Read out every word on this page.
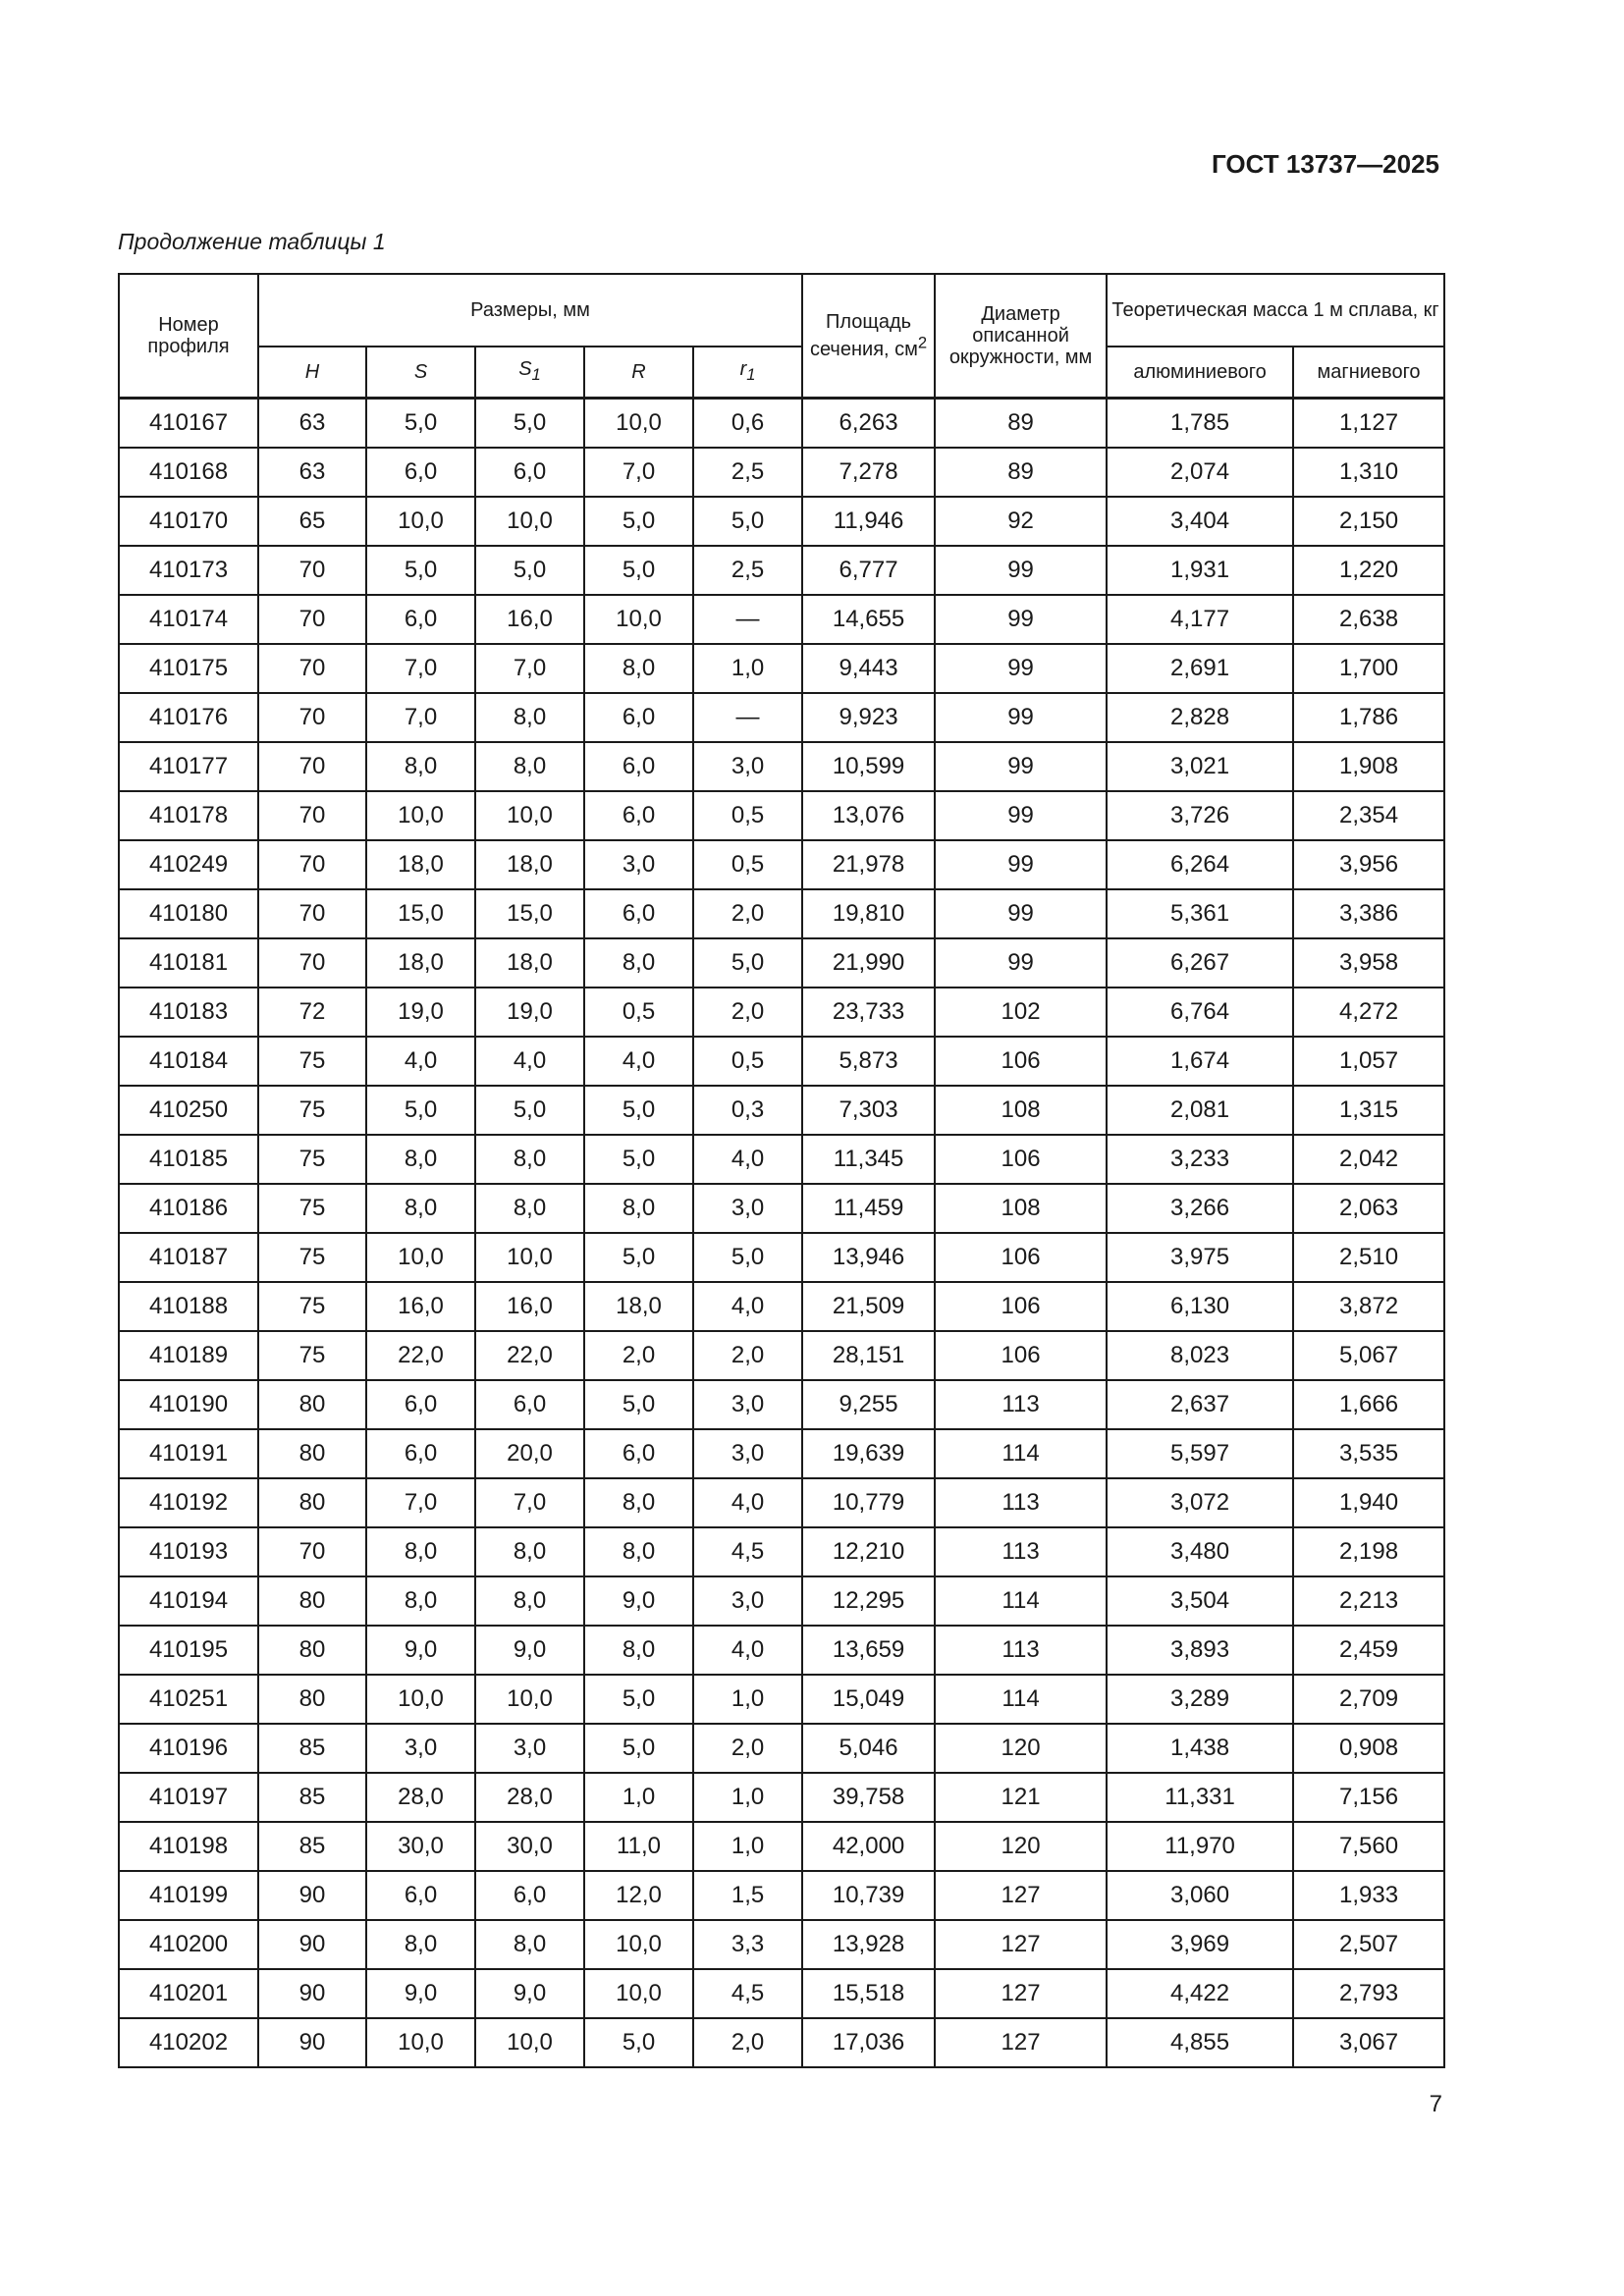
ГОСТ 13737—2025
Продолжение таблицы 1
Номер профиля	Размеры, мм					Площадь сечения, $см^2$	Диаметр описанной окружности, мм	Теоретическая масса 1 м сплава, кг	
	H	S	$S_1$	R	$r_1$			алюминиевого	магниевого
410167	63	5,0	5,0	10,0	0,6	6,263	89	1,785	1,127
410168	63	6,0	6,0	7,0	2,5	7,278	89	2,074	1,310
410170	65	10,0	10,0	5,0	5,0	11,946	92	3,404	2,150
410173	70	5,0	5,0	5,0	2,5	6,777	99	1,931	1,220
410174	70	6,0	16,0	10,0	—	14,655	99	4,177	2,638
410175	70	7,0	7,0	8,0	1,0	9,443	99	2,691	1,700
410176	70	7,0	8,0	6,0	—	9,923	99	2,828	1,786
410177	70	8,0	8,0	6,0	3,0	10,599	99	3,021	1,908
410178	70	10,0	10,0	6,0	0,5	13,076	99	3,726	2,354
410249	70	18,0	18,0	3,0	0,5	21,978	99	6,264	3,956
410180	70	15,0	15,0	6,0	2,0	19,810	99	5,361	3,386
410181	70	18,0	18,0	8,0	5,0	21,990	99	6,267	3,958
410183	72	19,0	19,0	0,5	2,0	23,733	102	6,764	4,272
410184	75	4,0	4,0	4,0	0,5	5,873	106	1,674	1,057
410250	75	5,0	5,0	5,0	0,3	7,303	108	2,081	1,315
410185	75	8,0	8,0	5,0	4,0	11,345	106	3,233	2,042
410186	75	8,0	8,0	8,0	3,0	11,459	108	3,266	2,063
410187	75	10,0	10,0	5,0	5,0	13,946	106	3,975	2,510
410188	75	16,0	16,0	18,0	4,0	21,509	106	6,130	3,872
410189	75	22,0	22,0	2,0	2,0	28,151	106	8,023	5,067
410190	80	6,0	6,0	5,0	3,0	9,255	113	2,637	1,666
410191	80	6,0	20,0	6,0	3,0	19,639	114	5,597	3,535
410192	80	7,0	7,0	8,0	4,0	10,779	113	3,072	1,940
410193	70	8,0	8,0	8,0	4,5	12,210	113	3,480	2,198
410194	80	8,0	8,0	9,0	3,0	12,295	114	3,504	2,213
410195	80	9,0	9,0	8,0	4,0	13,659	113	3,893	2,459
410251	80	10,0	10,0	5,0	1,0	15,049	114	3,289	2,709
410196	85	3,0	3,0	5,0	2,0	5,046	120	1,438	0,908
410197	85	28,0	28,0	1,0	1,0	39,758	121	11,331	7,156
410198	85	30,0	30,0	11,0	1,0	42,000	120	11,970	7,560
410199	90	6,0	6,0	12,0	1,5	10,739	127	3,060	1,933
410200	90	8,0	8,0	10,0	3,3	13,928	127	3,969	2,507
410201	90	9,0	9,0	10,0	4,5	15,518	127	4,422	2,793
410202	90	10,0	10,0	5,0	2,0	17,036	127	4,855	3,067
7
